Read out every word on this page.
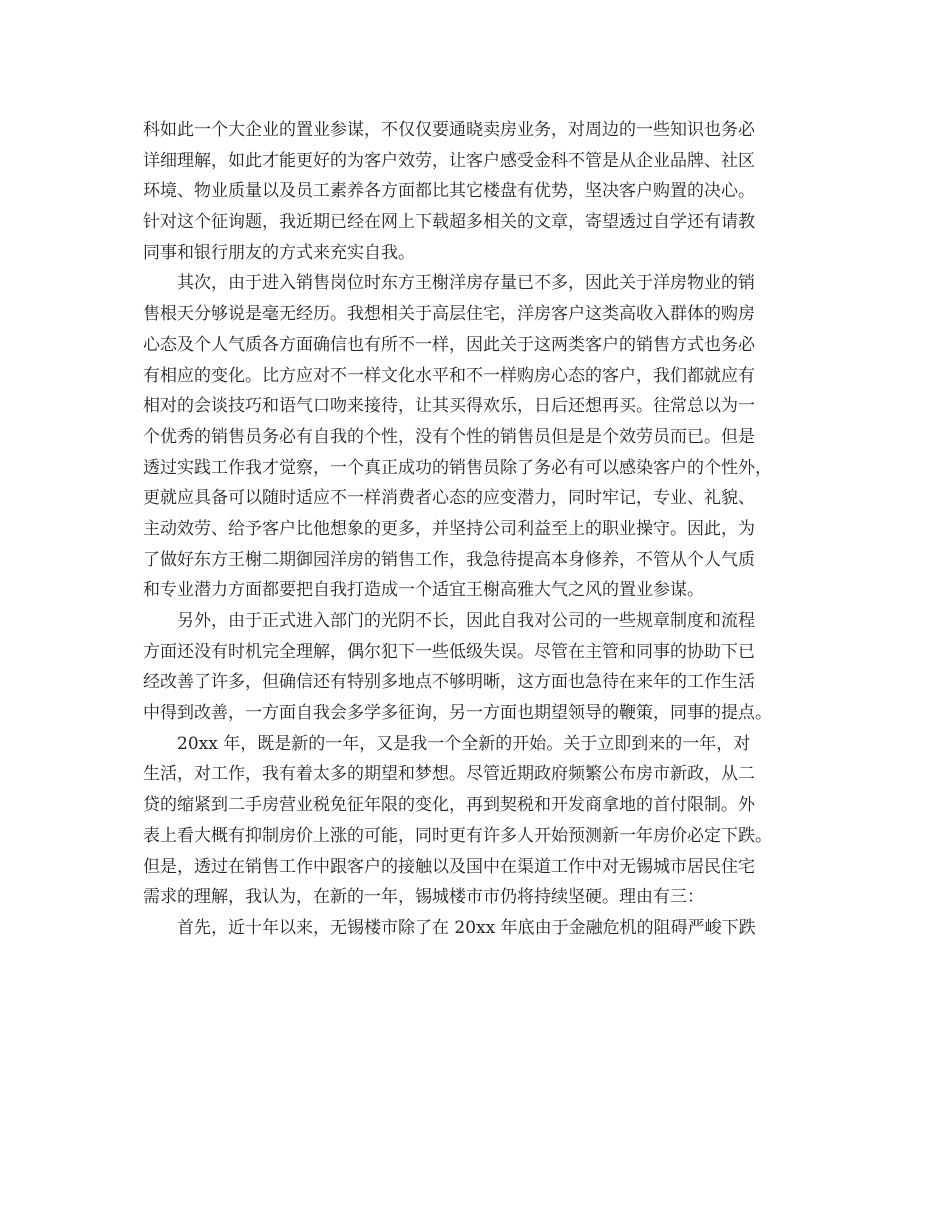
科如此一个大企业的置业参谋，不仅仅要通晓卖房业务，对周边的一些知识也务必
详细理解，如此才能更好的为客户效劳，让客户感受金科不管是从企业品牌、社区
环境、物业质量以及员工素养各方面都比其它楼盘有优势，坚决客户购置的决心。
针对这个征询题，我近期已经在网上下载超多相关的文章，寄望透过自学还有请教
同事和银行朋友的方式来充实自我。
其次，由于进入销售岗位时东方王榭洋房存量已不多，因此关于洋房物业的销
售根天分够说是毫无经历。我想相关于高层住宅，洋房客户这类高收入群体的购房
心态及个人气质各方面确信也有所不一样，因此关于这两类客户的销售方式也务必
有相应的变化。比方应对不一样文化水平和不一样购房心态的客户，我们都就应有
相对的会谈技巧和语气口吻来接待，让其买得欢乐，日后还想再买。往常总以为一
个优秀的销售员务必有自我的个性，没有个性的销售员但是是个效劳员而已。但是
透过实践工作我才觉察，一个真正成功的销售员除了务必有可以感染客户的个性外，
更就应具备可以随时适应不一样消费者心态的应变潜力，同时牢记，专业、礼貌、
主动效劳、给予客户比他想象的更多，并坚持公司利益至上的职业操守。因此，为
了做好东方王榭二期御园洋房的销售工作，我急待提高本身修养，不管从个人气质
和专业潜力方面都要把自我打造成一个适宜王榭高雅大气之风的置业参谋。
另外，由于正式进入部门的光阴不长，因此自我对公司的一些规章制度和流程
方面还没有时机完全理解，偶尔犯下一些低级失误。尽管在主管和同事的协助下已
经改善了许多，但确信还有特别多地点不够明晰，这方面也急待在来年的工作生活
中得到改善，一方面自我会多学多征询，另一方面也期望领导的鞭策，同事的提点。
20xx 年，既是新的一年，又是我一个全新的开始。关于立即到来的一年，对
生活，对工作，我有着太多的期望和梦想。尽管近期政府频繁公布房市新政，从二
贷的缩紧到二手房营业税免征年限的变化，再到契税和开发商拿地的首付限制。外
表上看大概有抑制房价上涨的可能，同时更有许多人开始预测新一年房价必定下跌。
但是，透过在销售工作中跟客户的接触以及国中在渠道工作中对无锡城市居民住宅
需求的理解，我认为，在新的一年，锡城楼市市仍将持续坚硬。理由有三：
首先，近十年以来，无锡楼市除了在 20xx 年底由于金融危机的阻碍严峻下跌
